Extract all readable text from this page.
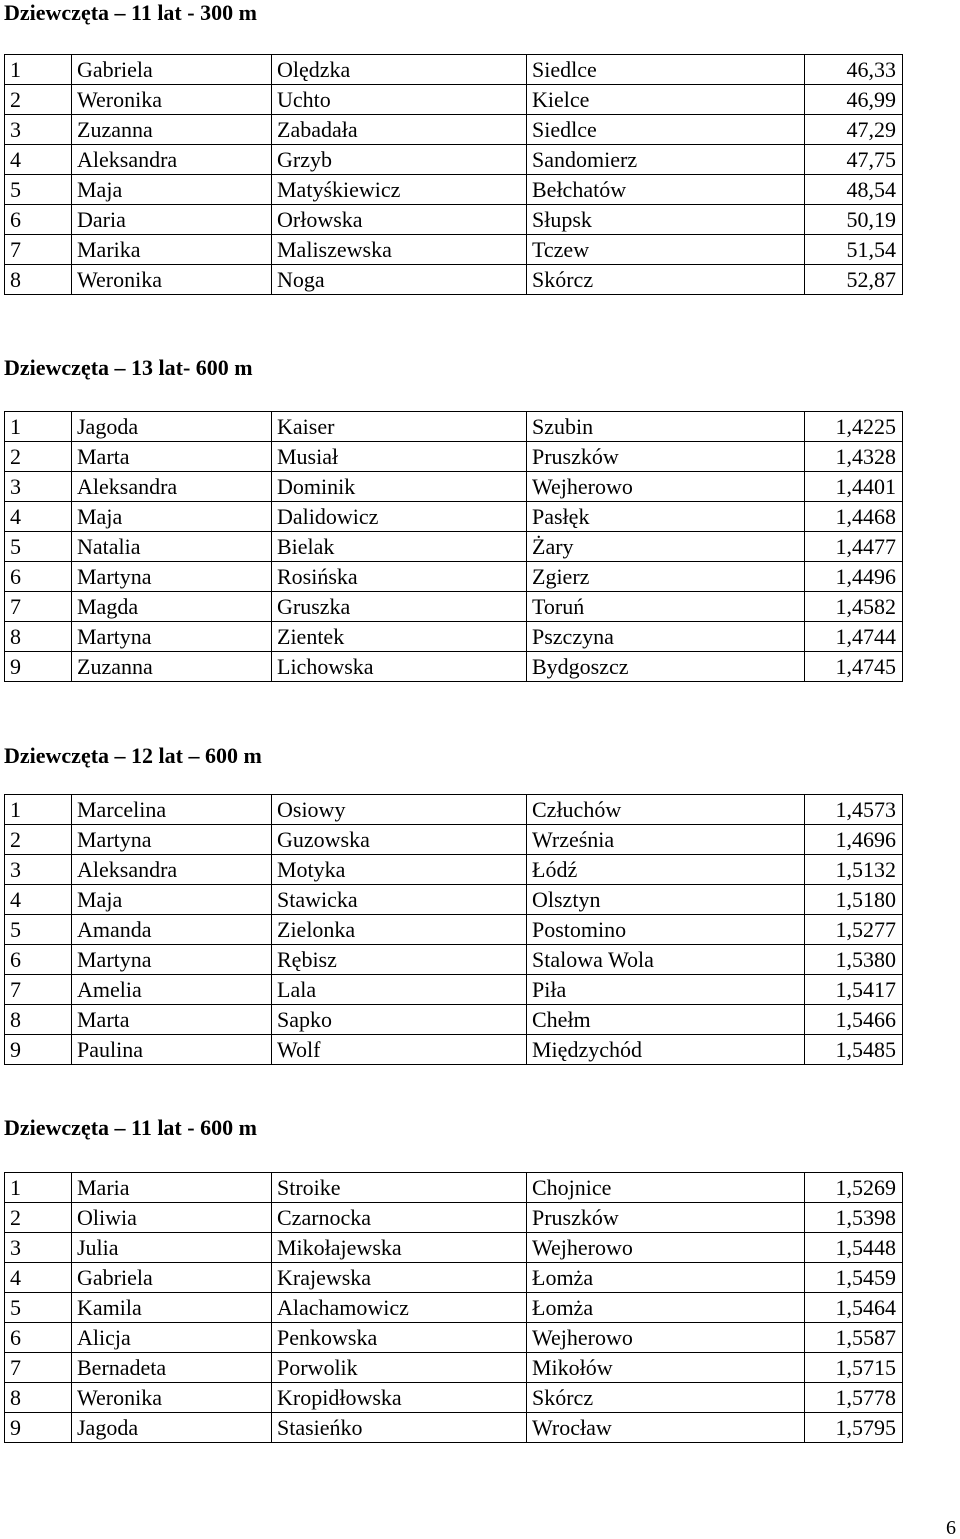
Dziewczęta – 11 lat - 300 m
1	Gabriela	Olędzka	Siedlce	46,33
2	Weronika	Uchto	Kielce	46,99
3	Zuzanna	Zabadała	Siedlce	47,29
4	Aleksandra	Grzyb	Sandomierz	47,75
5	Maja	Matyśkiewicz	Bełchatów	48,54
6	Daria	Orłowska	Słupsk	50,19
7	Marika	Maliszewska	Tczew	51,54
8	Weronika	Noga	Skórcz	52,87
Dziewczęta – 13 lat- 600 m
1	Jagoda	Kaiser	Szubin	1,4225
2	Marta	Musiał	Pruszków	1,4328
3	Aleksandra	Dominik	Wejherowo	1,4401
4	Maja	Dalidowicz	Pasłęk	1,4468
5	Natalia	Bielak	Żary	1,4477
6	Martyna	Rosińska	Zgierz	1,4496
7	Magda	Gruszka	Toruń	1,4582
8	Martyna	Zientek	Pszczyna	1,4744
9	Zuzanna	Lichowska	Bydgoszcz	1,4745
Dziewczęta – 12 lat – 600 m
1	Marcelina	Osiowy	Człuchów	1,4573
2	Martyna	Guzowska	Września	1,4696
3	Aleksandra	Motyka	Łódź	1,5132
4	Maja	Stawicka	Olsztyn	1,5180
5	Amanda	Zielonka	Postomino	1,5277
6	Martyna	Rębisz	Stalowa Wola	1,5380
7	Amelia	Lala	Piła	1,5417
8	Marta	Sapko	Chełm	1,5466
9	Paulina	Wolf	Międzychód	1,5485
Dziewczęta – 11 lat - 600 m
1	Maria	Stroike	Chojnice	1,5269
2	Oliwia	Czarnocka	Pruszków	1,5398
3	Julia	Mikołajewska	Wejherowo	1,5448
4	Gabriela	Krajewska	Łomża	1,5459
5	Kamila	Alachamowicz	Łomża	1,5464
6	Alicja	Penkowska	Wejherowo	1,5587
7	Bernadeta	Porwolik	Mikołów	1,5715
8	Weronika	Kropidłowska	Skórcz	1,5778
9	Jagoda	Stasieńko	Wrocław	1,5795
6
